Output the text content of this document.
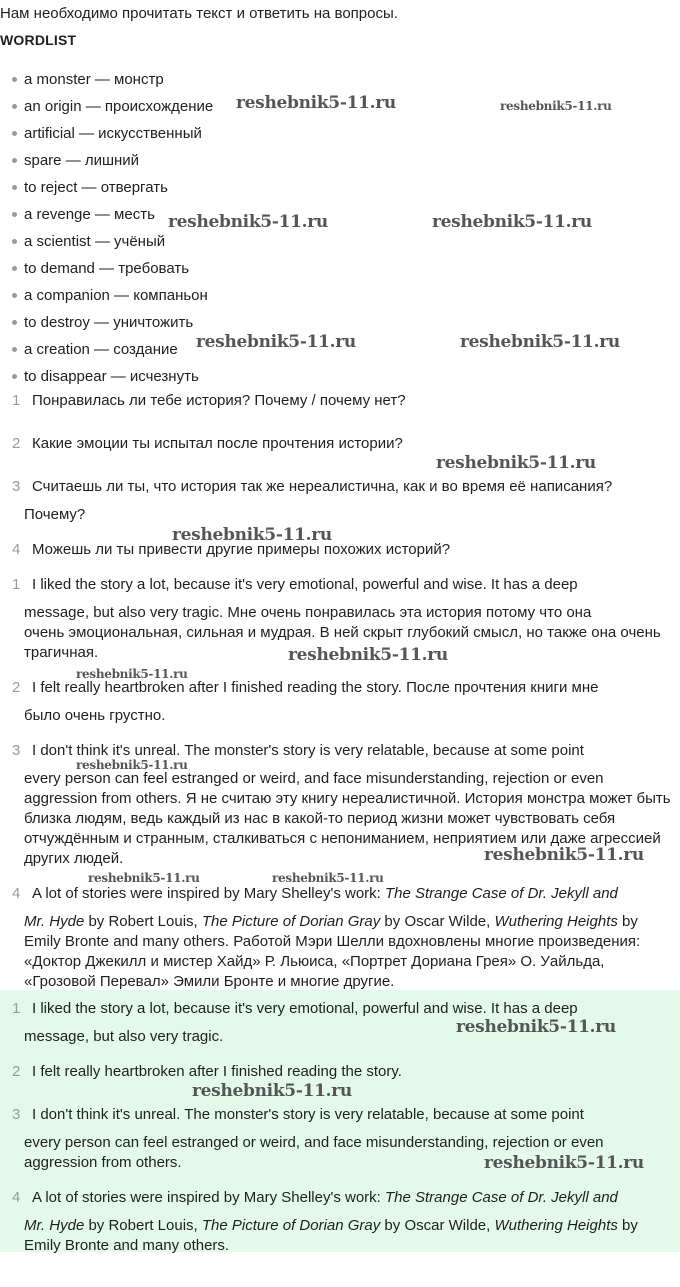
Нам необходимо прочитать текст и ответить на вопросы.
WORDLIST
a monster — монстр
an origin — происхождение
artificial — искусственный
spare — лишний
to reject — отвергать
a revenge — месть
a scientist — учёный
to demand — требовать
a companion — компаньон
to destroy — уничтожить
a creation — создание
to disappear — исчезнуть
1 Понравилась ли тебе история? Почему / почему нет?
2 Какие эмоции ты испытал после прочтения истории?
3 Считаешь ли ты, что история так же нереалистична, как и во время её написания?
Почему?
4 Можешь ли ты привести другие примеры похожих историй?
1 I liked the story a lot, because it's very emotional, powerful and wise. It has a deep
message, but also very tragic. Мне очень понравилась эта история потому что она
очень эмоциональная, сильная и мудрая. В ней скрыт глубокий смысл, но также она очень трагичная.
2 I felt really heartbroken after I finished reading the story. После прочтения книги мне
было очень грустно.
3 I don't think it's unreal. The monster's story is very relatable, because at some point
every person can feel estranged or weird, and face misunderstanding, rejection or even aggression from others. Я не считаю эту книгу нереалистичной. История монстра может быть близка людям, ведь каждый из нас в какой-то период жизни может чувствовать себя отчуждённым и странным, сталкиваться с непониманием, неприятием или даже агрессией других людей.
4 A lot of stories were inspired by Mary Shelley's work: The Strange Case of Dr. Jekyll and
Mr. Hyde by Robert Louis, The Picture of Dorian Gray by Oscar Wilde, Wuthering Heights by
Emily Bronte and many others. Работой Мэри Шелли вдохновлены многие произведения: «Доктор Джекилл и мистер Хайд» Р. Льюиса, «Портрет Дориана Грея» О. Уайльда, «Грозовой Перевал» Эмили Бронте и многие другие.
1 I liked the story a lot, because it's very emotional, powerful and wise. It has a deep
message, but also very tragic.
2 I felt really heartbroken after I finished reading the story.
3 I don't think it's unreal. The monster's story is very relatable, because at some point
every person can feel estranged or weird, and face misunderstanding, rejection or even
aggression from others.
4 A lot of stories were inspired by Mary Shelley's work: The Strange Case of Dr. Jekyll and
Mr. Hyde by Robert Louis, The Picture of Dorian Gray by Oscar Wilde, Wuthering Heights by
Emily Bronte and many others.
reshebnik5-11.ru	reshebnik5-11.ru
reshebnik5-11.ru	reshebnik5-11.ru
reshebnik5-11.ru	reshebnik5-11.ru
reshebnik5-11.ru
reshebnik5-11.ru
reshebnik5-11.ru
reshebnik5-11.ru
reshebnik5-11.ru
reshebnik5-11.ru
reshebnik5-11.ru	reshebnik5-11.ru
reshebnik5-11.ru
reshebnik5-11.ru
reshebnik5-11.ru
